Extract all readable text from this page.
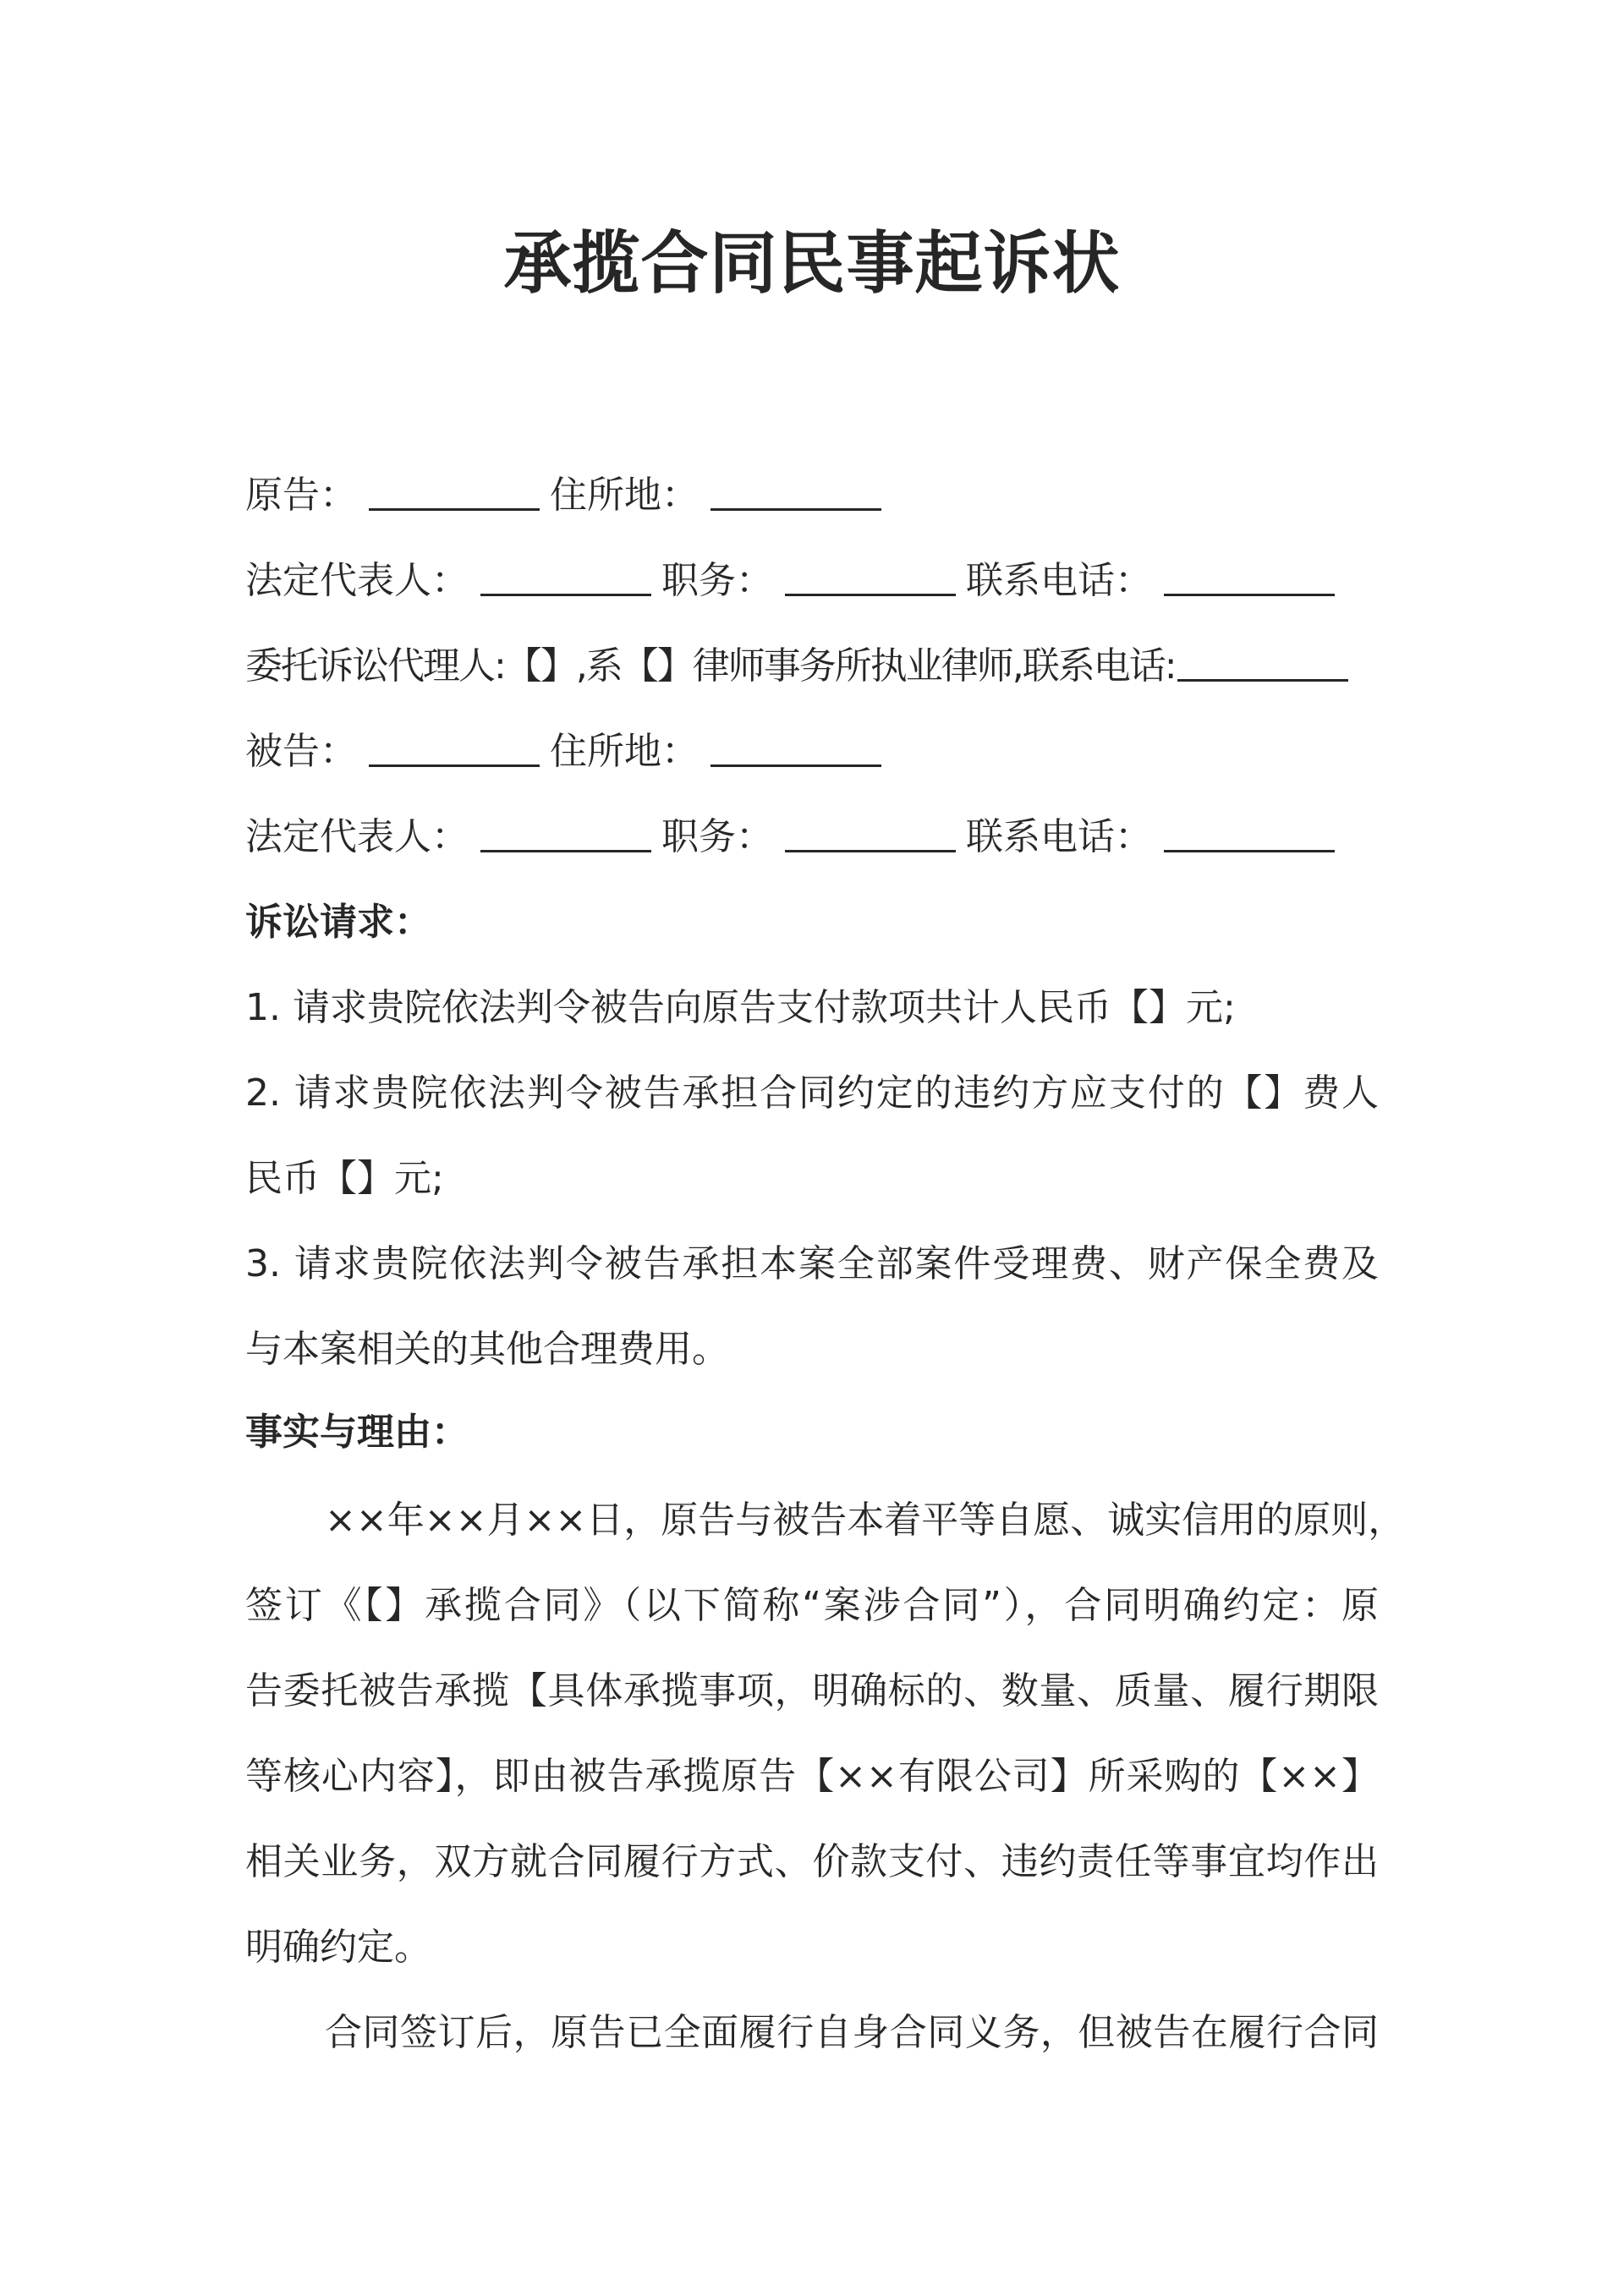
承揽合同民事起诉状
原告：	住所地：
法定代表人：	职务：	联系电话：
委托诉讼代理人:【】,系【】律师事务所执业律师,联系电话:
被告：	住所地：
法定代表人：	职务：	联系电话：
诉讼请求：
1. 请求贵院依法判令被告向原告支付款项共计人民币【】元;
2. 请求贵院依法判令被告承担合同约定的违约方应支付的【】费人
民币【】元;
3. 请求贵院依法判令被告承担本案全部案件受理费、财产保全费及
与本案相关的其他合理费用。
事实与理由：
××年××月××日，原告与被告本着平等自愿、诚实信用的原则，
签订《【】承揽合同》（以下简称“案涉合同”），合同明确约定：原
告委托被告承揽【具体承揽事项，明确标的、数量、质量、履行期限
等核心内容】，即由被告承揽原告【××有限公司】所采购的【××】
相关业务，双方就合同履行方式、价款支付、违约责任等事宜均作出
明确约定。
合同签订后，原告已全面履行自身合同义务，但被告在履行合同
